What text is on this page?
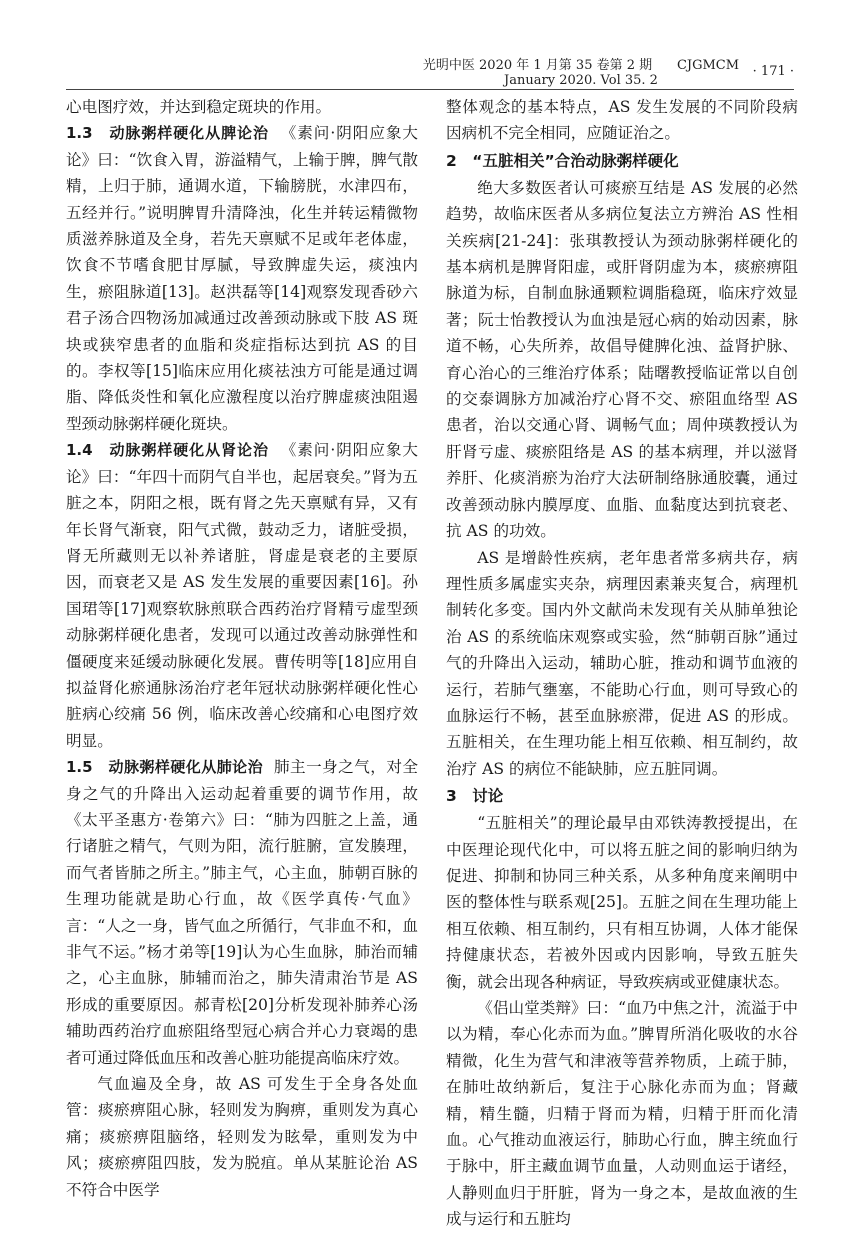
光明中医 2020 年 1 月第 35 卷第 2 期 CJGMCM January 2020. Vol 35. 2
· 171 ·

心电图疗效，并达到稳定斑块的作用。

1.3　动脉粥样硬化从脾论治 《素问·阴阳应象大论》曰：“饮食入胃，游溢精气，上输于脾，脾气散精，上归于肺，通调水道，下输膀胱，水津四布，五经并行。”说明脾胃升清降浊，化生并转运精微物质滋养脉道及全身，若先天禀赋不足或年老体虚，饮食不节嗜食肥甘厚腻，导致脾虚失运，痰浊内生，瘀阻脉道[13]。赵洪磊等[14]观察发现香砂六君子汤合四物汤加减通过改善颈动脉或下肢 AS 斑块或狭窄患者的血脂和炎症指标达到抗 AS 的目的。李权等[15]临床应用化痰祛浊方可能是通过调脂、降低炎性和氧化应激程度以治疗脾虚痰浊阻遏型颈动脉粥样硬化斑块。

1.4　动脉粥样硬化从肾论治 《素问·阴阳应象大论》曰：“年四十而阴气自半也，起居衰矣。”肾为五脏之本，阴阳之根，既有肾之先天禀赋有异，又有年长肾气渐衰，阳气式微，鼓动乏力，诸脏受损，肾无所藏则无以补养诸脏，肾虚是衰老的主要原因，而衰老又是 AS 发生发展的重要因素[16]。孙国珺等[17]观察软脉煎联合西药治疗肾精亏虚型颈动脉粥样硬化患者，发现可以通过改善动脉弹性和僵硬度来延缓动脉硬化发展。曹传明等[18]应用自拟益肾化瘀通脉汤治疗老年冠状动脉粥样硬化性心脏病心绞痛 56 例，临床改善心绞痛和心电图疗效明显。

1.5　动脉粥样硬化从肺论治 肺主一身之气，对全身之气的升降出入运动起着重要的调节作用，故《太平圣惠方·卷第六》曰：“肺为四脏之上盖，通行诸脏之精气，气则为阳，流行脏腑，宣发腠理，而气者皆肺之所主。”肺主气，心主血，肺朝百脉的生理功能就是助心行血，故《医学真传·气血》言：“人之一身，皆气血之所循行，气非血不和，血非气不运。”杨才弟等[19]认为心生血脉，肺治而辅之，心主血脉，肺辅而治之，肺失清肃治节是 AS 形成的重要原因。郝青松[20]分析发现补肺养心汤辅助西药治疗血瘀阻络型冠心病合并心力衰竭的患者可通过降低血压和改善心脏功能提高临床疗效。

气血遍及全身，故 AS 可发生于全身各处血管：痰瘀痹阻心脉，轻则发为胸痹，重则发为真心痛；痰瘀痹阻脑络，轻则发为眩晕，重则发为中风；痰瘀痹阻四肢，发为脱疽。单从某脏论治 AS 不符合中医学

整体观念的基本特点，AS 发生发展的不同阶段病因病机不完全相同，应随证治之。

2　“五脏相关”合治动脉粥样硬化

绝大多数医者认可痰瘀互结是 AS 发展的必然趋势，故临床医者从多病位复法立方辨治 AS 性相关疾病[21-24]：张琪教授认为颈动脉粥样硬化的基本病机是脾肾阳虚，或肝肾阴虚为本，痰瘀痹阻脉道为标，自制血脉通颗粒调脂稳斑，临床疗效显著；阮士怡教授认为血浊是冠心病的始动因素，脉道不畅，心失所养，故倡导健脾化浊、益肾护脉、育心治心的三维治疗体系；陆曙教授临证常以自创的交泰调脉方加减治疗心肾不交、瘀阻血络型 AS 患者，治以交通心肾、调畅气血；周仲瑛教授认为肝肾亏虚、痰瘀阻络是 AS 的基本病理，并以滋肾养肝、化痰消瘀为治疗大法研制络脉通胶囊，通过改善颈动脉内膜厚度、血脂、血黏度达到抗衰老、抗 AS 的功效。

AS 是增龄性疾病，老年患者常多病共存，病理性质多属虚实夹杂，病理因素兼夹复合，病理机制转化多变。国内外文献尚未发现有关从肺单独论治 AS 的系统临床观察或实验，然“肺朝百脉”通过气的升降出入运动，辅助心脏，推动和调节血液的运行，若肺气壅塞，不能助心行血，则可导致心的血脉运行不畅，甚至血脉瘀滞，促进 AS 的形成。五脏相关，在生理功能上相互依赖、相互制约，故治疗 AS 的病位不能缺肺，应五脏同调。

3　讨论

“五脏相关”的理论最早由邓铁涛教授提出，在中医理论现代化中，可以将五脏之间的影响归纳为促进、抑制和协同三种关系，从多种角度来阐明中医的整体性与联系观[25]。五脏之间在生理功能上相互依赖、相互制约，只有相互协调，人体才能保持健康状态，若被外因或内因影响，导致五脏失衡，就会出现各种病证，导致疾病或亚健康状态。

《侣山堂类辩》曰：“血乃中焦之汁，流溢于中以为精，奉心化赤而为血。”脾胃所消化吸收的水谷精微，化生为营气和津液等营养物质，上疏于肺，在肺吐故纳新后，复注于心脉化赤而为血；肾藏精，精生髓，归精于肾而为精，归精于肝而化清血。心气推动血液运行，肺助心行血，脾主统血行于脉中，肝主藏血调节血量，人动则血运于诸经，人静则血归于肝脏，肾为一身之本，是故血液的生成与运行和五脏均
